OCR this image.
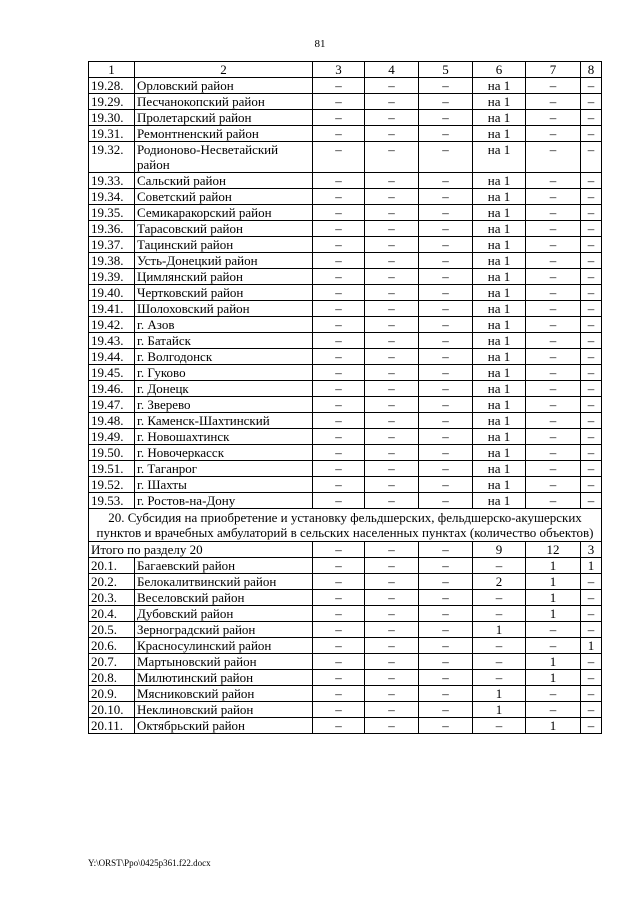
81
1	2	3	4	5	6	7	8
19.28.	Орловский район	–	–	–	на 1	–	–
19.29.	Песчанокопский район	–	–	–	на 1	–	–
19.30.	Пролетарский район	–	–	–	на 1	–	–
19.31.	Ремонтненский район	–	–	–	на 1	–	–
19.32.	Родионово-Несветайский район	–	–	–	на 1	–	–
19.33.	Сальский район	–	–	–	на 1	–	–
19.34.	Советский район	–	–	–	на 1	–	–
19.35.	Семикаракорский район	–	–	–	на 1	–	–
19.36.	Тарасовский район	–	–	–	на 1	–	–
19.37.	Тацинский район	–	–	–	на 1	–	–
19.38.	Усть-Донецкий район	–	–	–	на 1	–	–
19.39.	Цимлянский район	–	–	–	на 1	–	–
19.40.	Чертковский район	–	–	–	на 1	–	–
19.41.	Шолоховский район	–	–	–	на 1	–	–
19.42.	г. Азов	–	–	–	на 1	–	–
19.43.	г. Батайск	–	–	–	на 1	–	–
19.44.	г. Волгодонск	–	–	–	на 1	–	–
19.45.	г. Гуково	–	–	–	на 1	–	–
19.46.	г. Донецк	–	–	–	на 1	–	–
19.47.	г. Зверево	–	–	–	на 1	–	–
19.48.	г. Каменск-Шахтинский	–	–	–	на 1	–	–
19.49.	г. Новошахтинск	–	–	–	на 1	–	–
19.50.	г. Новочеркасск	–	–	–	на 1	–	–
19.51.	г. Таганрог	–	–	–	на 1	–	–
19.52.	г. Шахты	–	–	–	на 1	–	–
19.53.	г. Ростов-на-Дону	–	–	–	на 1	–	–
20. Субсидия на приобретение и установку фельдшерских, фельдшерско-акушерских пунктов и врачебных амбулаторий в сельских населенных пунктах (количество объектов)							
Итого по разделу 20		–	–	–	9	12	3
20.1.	Багаевский район	–	–	–	–	1	1
20.2.	Белокалитвинский район	–	–	–	2	1	–
20.3.	Веселовский район	–	–	–	–	1	–
20.4.	Дубовский район	–	–	–	–	1	–
20.5.	Зерноградский район	–	–	–	1	–	–
20.6.	Красносулинский район	–	–	–	–	–	1
20.7.	Мартыновский район	–	–	–	–	1	–
20.8.	Милютинский район	–	–	–	–	1	–
20.9.	Мясниковский район	–	–	–	1	–	–
20.10.	Неклиновский район	–	–	–	1	–	–
20.11.	Октябрьский район	–	–	–	–	1	–
Y:\ORST\Ppo\0425p361.f22.docx
